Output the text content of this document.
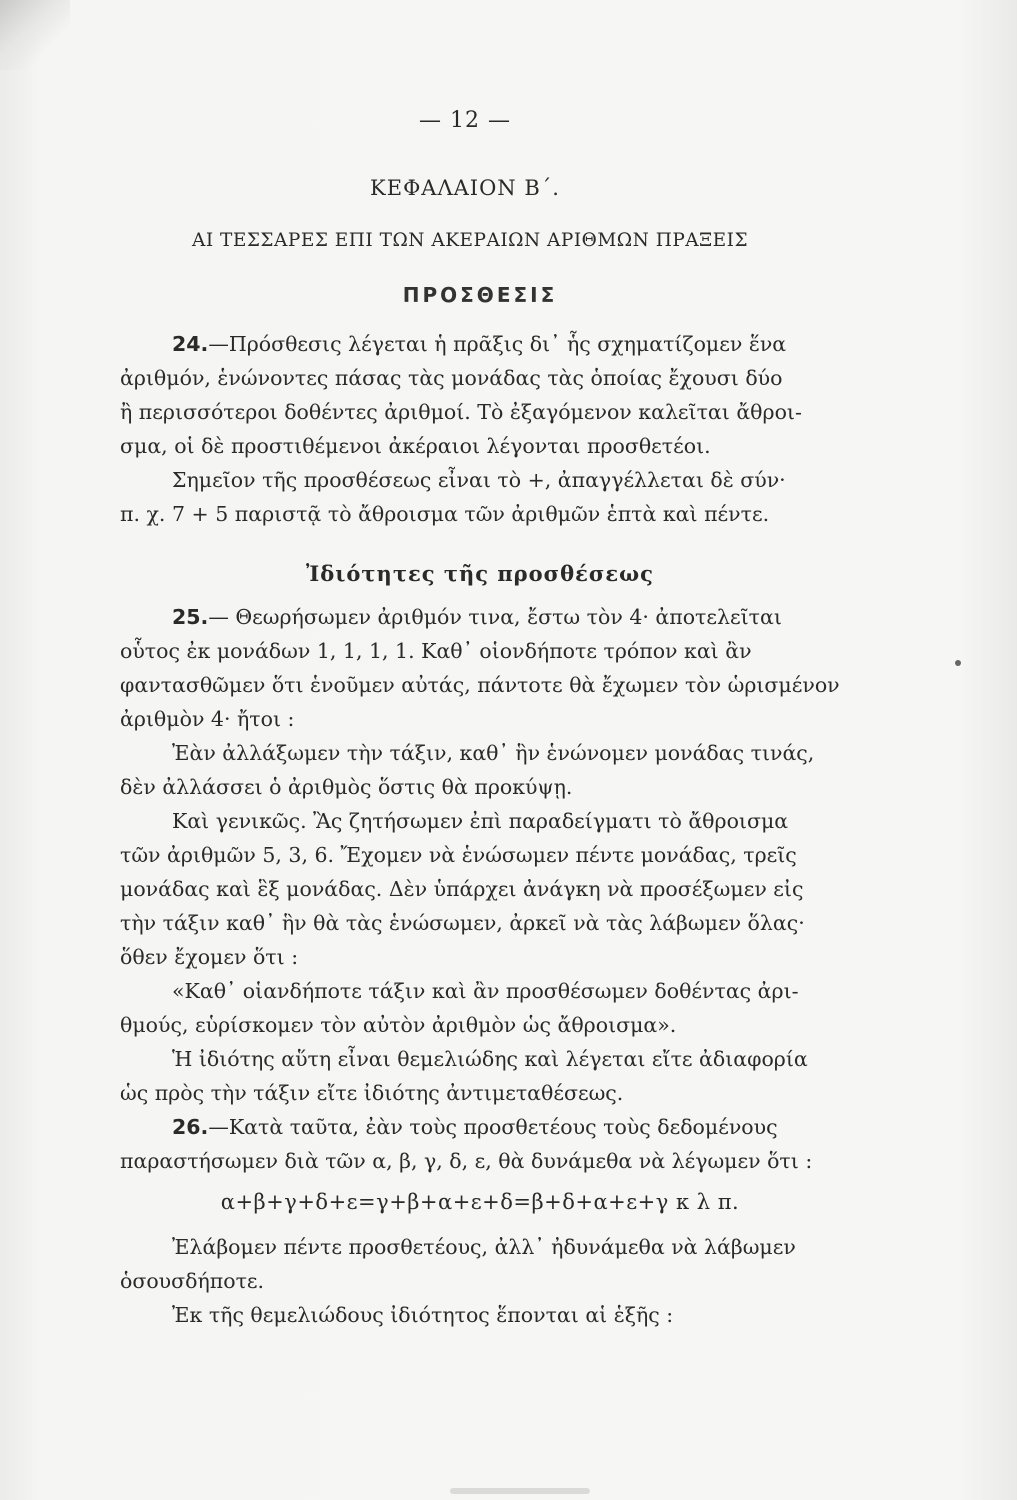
— 12 —
ΚΕΦΑΛΑΙΟΝ Β΄.
ΑΙ ΤΕΣΣΑΡΕΣ ΕΠΙ ΤΩΝ ΑΚΕΡΑΙΩΝ ΑΡΙΘΜΩΝ ΠΡΑΞΕΙΣ
ΠΡΟΣΘΕΣΙΣ
24.—Πρόσθεσις λέγεται ἡ πρᾶξις δι᾽ ἧς σχηματίζομεν ἕνα
ἀριθμόν, ἑνώνοντες πάσας τὰς μονάδας τὰς ὁποίας ἔχουσι δύο
ἢ περισσότεροι δοθέντες ἀριθμοί. Τὸ ἐξαγόμενον καλεῖται ἄθροι-
σμα, οἱ δὲ προστιθέμενοι ἀκέραιοι λέγονται προσθετέοι.
Σημεῖον τῆς προσθέσεως εἶναι τὸ +, ἀπαγγέλλεται δὲ σύν·
π. χ. 7 + 5 παριστᾷ τὸ ἄθροισμα τῶν ἀριθμῶν ἑπτὰ καὶ πέντε.
Ἰδιότητες τῆς προσθέσεως
25.— Θεωρήσωμεν ἀριθμόν τινα, ἔστω τὸν 4· ἀποτελεῖται
οὗτος ἐκ μονάδων 1, 1, 1, 1. Καθ᾽ οἱονδήποτε τρόπον καὶ ἂν
φαντασθῶμεν ὅτι ἑνοῦμεν αὐτάς, πάντοτε θὰ ἔχωμεν τὸν ὡρισμένον
ἀριθμὸν 4· ἤτοι :
Ἐὰν ἀλλάξωμεν τὴν τάξιν, καθ᾽ ἣν ἑνώνομεν μονάδας τινάς,
δὲν ἀλλάσσει ὁ ἀριθμὸς ὅστις θὰ προκύψῃ.
Καὶ γενικῶς. Ἂς ζητήσωμεν ἐπὶ παραδείγματι τὸ ἄθροισμα
τῶν ἀριθμῶν 5, 3, 6. Ἔχομεν νὰ ἑνώσωμεν πέντε μονάδας, τρεῖς
μονάδας καὶ ἓξ μονάδας. Δὲν ὑπάρχει ἀνάγκη νὰ προσέξωμεν εἰς
τὴν τάξιν καθ᾽ ἣν θὰ τὰς ἑνώσωμεν, ἀρκεῖ νὰ τὰς λάβωμεν ὅλας·
ὅθεν ἔχομεν ὅτι :
«Καθ᾽ οἱανδήποτε τάξιν καὶ ἂν προσθέσωμεν δοθέντας ἀρι-
θμούς, εὑρίσκομεν τὸν αὐτὸν ἀριθμὸν ὡς ἄθροισμα».
Ἡ ἰδιότης αὕτη εἶναι θεμελιώδης καὶ λέγεται εἴτε ἀδιαφορία
ὡς πρὸς τὴν τάξιν εἴτε ἰδιότης ἀντιμεταθέσεως.
26.—Κατὰ ταῦτα, ἐὰν τοὺς προσθετέους τοὺς δεδομένους
παραστήσωμεν διὰ τῶν α, β, γ, δ, ε, θὰ δυνάμεθα νὰ λέγωμεν ὅτι :
α+β+γ+δ+ε=γ+β+α+ε+δ=β+δ+α+ε+γ κ λ π.
Ἐλάβομεν πέντε προσθετέους, ἀλλ᾽ ἠδυνάμεθα νὰ λάβωμεν
ὁσουσδήποτε.
Ἐκ τῆς θεμελιώδους ἰδιότητος ἕπονται αἱ ἑξῆς :
